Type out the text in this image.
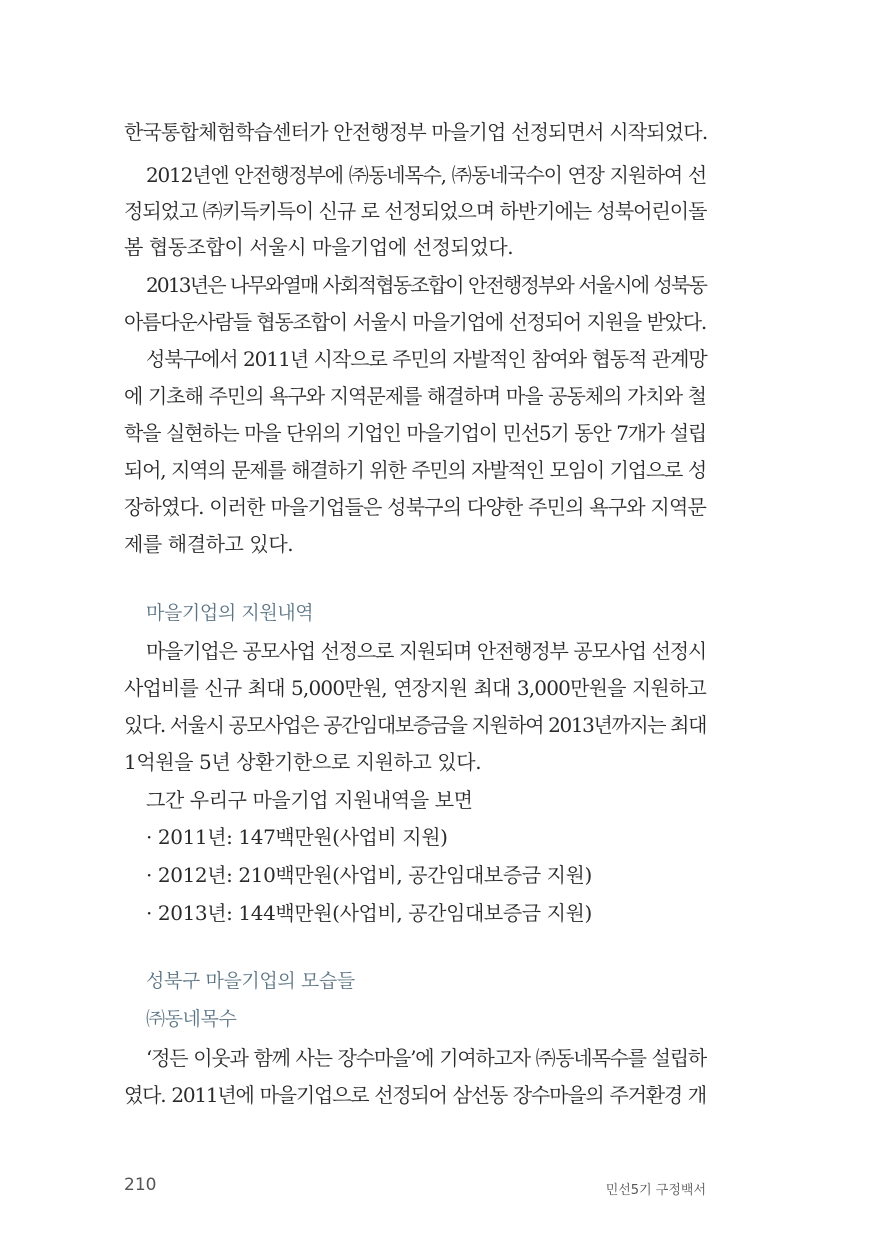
한국통합체험학습센터가 안전행정부 마을기업 선정되면서 시작되었다.
2012년엔 안전행정부에 ㈜동네목수, ㈜동네국수이 연장 지원하여 선
정되었고 ㈜키득키득이 신규 로 선정되었으며 하반기에는 성북어린이돌
봄 협동조합이 서울시 마을기업에 선정되었다.
2013년은 나무와열매 사회적협동조합이 안전행정부와 서울시에 성북동
아름다운사람들 협동조합이 서울시 마을기업에 선정되어 지원을 받았다.
성북구에서 2011년 시작으로 주민의 자발적인 참여와 협동적 관계망
에 기초해 주민의 욕구와 지역문제를 해결하며 마을 공동체의 가치와 철
학을 실현하는 마을 단위의 기업인 마을기업이 민선5기 동안 7개가 설립
되어, 지역의 문제를 해결하기 위한 주민의 자발적인 모임이 기업으로 성
장하였다. 이러한 마을기업들은 성북구의 다양한 주민의 욕구와 지역문
제를 해결하고 있다.
마을기업의 지원내역
마을기업은 공모사업 선정으로 지원되며 안전행정부 공모사업 선정시
사업비를 신규 최대 5,000만원, 연장지원 최대 3,000만원을 지원하고
있다. 서울시 공모사업은 공간임대보증금을 지원하여 2013년까지는 최대
1억원을 5년 상환기한으로 지원하고 있다.
그간 우리구 마을기업 지원내역을 보면
· 2011년: 147백만원(사업비 지원)
· 2012년: 210백만원(사업비, 공간임대보증금 지원)
· 2013년: 144백만원(사업비, 공간임대보증금 지원)
성북구 마을기업의 모습들
㈜동네목수
‘정든 이웃과 함께 사는 장수마을’에 기여하고자 ㈜동네목수를 설립하
였다. 2011년에 마을기업으로 선정되어 삼선동 장수마을의 주거환경 개
210	민선5기 구정백서
